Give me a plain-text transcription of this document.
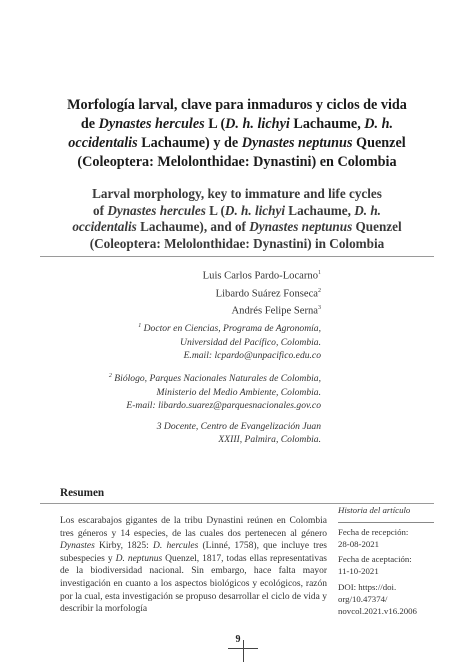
Morfología larval, clave para inmaduros y ciclos de vida
de Dynastes hercules L (D. h. lichyi Lachaume, D. h.
occidentalis Lachaume) y de Dynastes neptunus Quenzel
(Coleoptera: Melolonthidae: Dynastini) en Colombia
Larval morphology, key to immature and life cycles
of Dynastes hercules L (D. h. lichyi Lachaume, D. h.
occidentalis Lachaume), and of Dynastes neptunus Quenzel
(Coleoptera: Melolonthidae: Dynastini) in Colombia
Luis Carlos Pardo-Locarno$^1$
Libardo Suárez Fonseca$^2$
Andrés Felipe Serna$^3$
$^1$ Doctor en Ciencias, Programa de Agronomía,
Universidad del Pacífico, Colombia.
E.mail: lcpardo@unpacifico.edu.co
$^2$ Biólogo, Parques Nacionales Naturales de Colombia,
Ministerio del Medio Ambiente, Colombia.
E-mail: libardo.suarez@parquesnacionales.gov.co
3 Docente, Centro de Evangelización Juan
XXIII, Palmira, Colombia.
Resumen
Los escarabajos gigantes de la tribu Dynastini reúnen en Colombia tres géneros y 14 especies, de las cuales dos pertenecen al género Dynastes Kirby, 1825: D. hercules (Linné, 1758), que incluye tres subespecies y D. neptunus Quenzel, 1817, todas ellas representativas de la biodiversidad nacional. Sin embargo, hace falta mayor investigación en cuanto a los aspectos biológicos y ecológicos, razón por la cual, esta investigación se propuso desarrollar el ciclo de vida y describir la morfología
Historia del artículo
Fecha de recepción:
28-08-2021
Fecha de aceptación:
11-10-2021
DOI: https://doi.
org/10.47374/
novcol.2021.v16.2006
9
